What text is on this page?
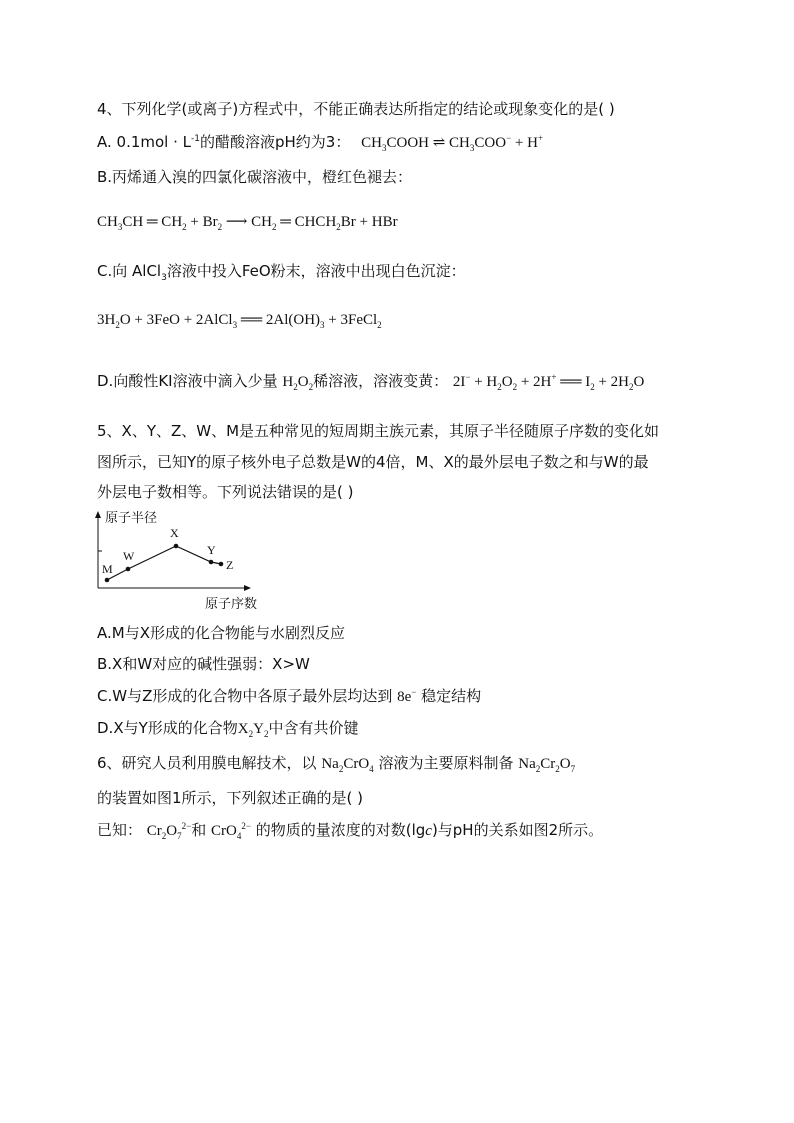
4、下列化学(或离子)方程式中，不能正确表达所指定的结论或现象变化的是( )
A. $0.1mol \cdot L^{-1}$的醋酸溶液pH约为3： $CH_3COOH$ ⇌ $CH_3COO^- + H^+$
B.丙烯通入溴的四氯化碳溶液中，橙红色褪去：
$CH_3CH$ ═ $CH_2 + Br_2$ ⟶ $CH_2$ ═ $CHCH_2Br$ + HBr
C.向 AlCl$_3$溶液中投入FeO粉末，溶液中出现白色沉淀：
$3H_2O + 3FeO$ + 2AlCl$_3$ ══ $2Al(OH)_3$ + 3FeCl$_2$
D.向酸性KI溶液中滴入少量 $H_2O_2$稀溶液，溶液变黄： $2I^- + H_2O_2 + 2H^+$ ══ $I_2 + 2H_2O$
5、X、Y、Z、W、M是五种常见的短周期主族元素，其原子半径随原子序数的变化如
图所示，已知Y的原子核外电子总数是W的4倍，M、X的最外层电子数之和与W的最
外层电子数相等。下列说法错误的是( )
原子半径
原子序数
M
W
X
Y
Z
A.M与X形成的化合物能与水剧烈反应
B.X和W对应的碱性强弱：X>W
C.W与Z形成的化合物中各原子最外层均达到 8e− 稳定结构
D.X与Y形成的化合物$X_2Y_2$中含有共价键
6、研究人员利用膜电解技术，以 $Na_2CrO_4$ 溶液为主要原料制备 $Na_2Cr_2O_7$
的装置如图1所示，下列叙述正确的是( )
已知： $Cr_2O_7^{2-}$和 CrO$_4^{2-}$ 的物质的量浓度的对数(lgc)与pH的关系如图2所示。
